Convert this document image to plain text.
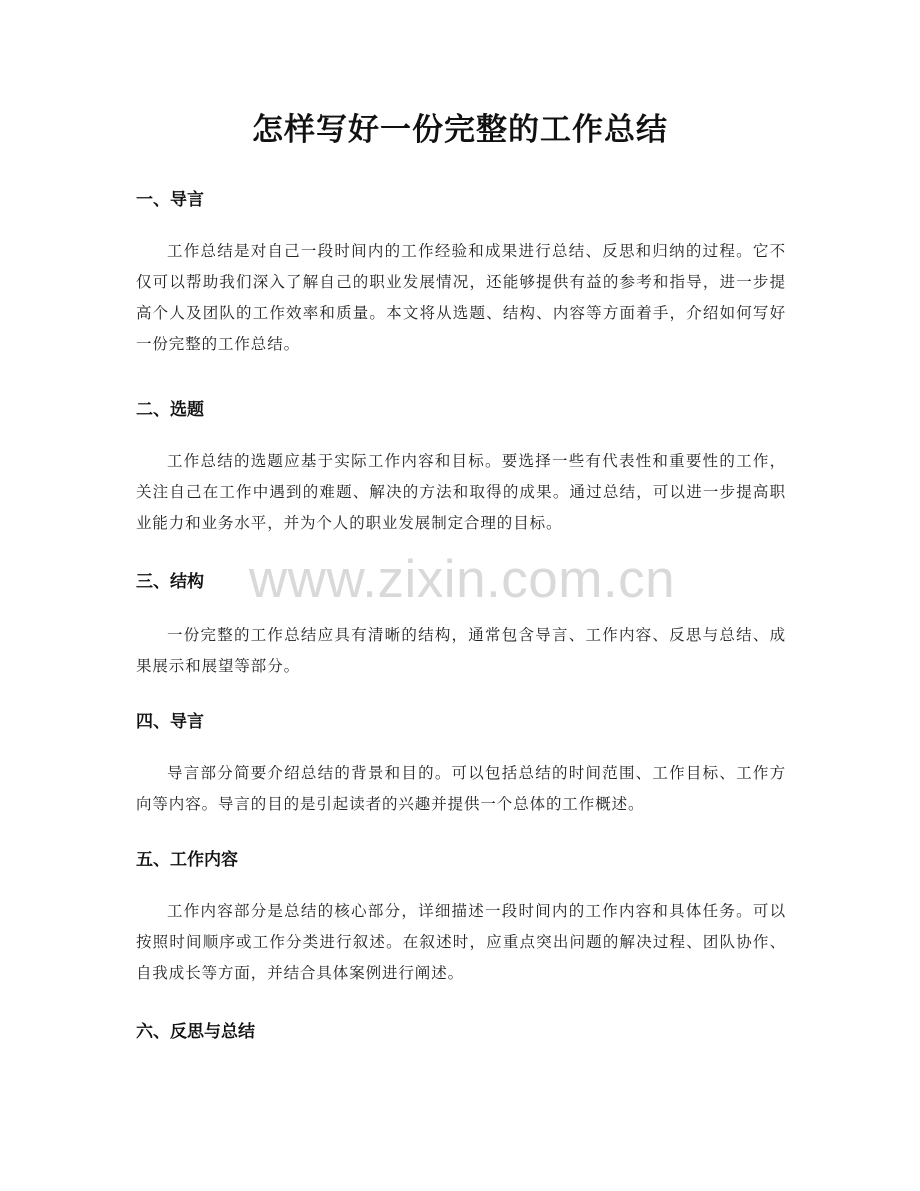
怎样写好一份完整的工作总结
www.zixin.com.cn
一、导言
工作总结是对自己一段时间内的工作经验和成果进行总结、反思和归纳的过程。它不仅可以帮助我们深入了解自己的职业发展情况，还能够提供有益的参考和指导，进一步提高个人及团队的工作效率和质量。本文将从选题、结构、内容等方面着手，介绍如何写好一份完整的工作总结。
二、选题
工作总结的选题应基于实际工作内容和目标。要选择一些有代表性和重要性的工作，关注自己在工作中遇到的难题、解决的方法和取得的成果。通过总结，可以进一步提高职业能力和业务水平，并为个人的职业发展制定合理的目标。
三、结构
一份完整的工作总结应具有清晰的结构，通常包含导言、工作内容、反思与总结、成果展示和展望等部分。
四、导言
导言部分简要介绍总结的背景和目的。可以包括总结的时间范围、工作目标、工作方向等内容。导言的目的是引起读者的兴趣并提供一个总体的工作概述。
五、工作内容
工作内容部分是总结的核心部分，详细描述一段时间内的工作内容和具体任务。可以按照时间顺序或工作分类进行叙述。在叙述时，应重点突出问题的解决过程、团队协作、自我成长等方面，并结合具体案例进行阐述。
六、反思与总结
